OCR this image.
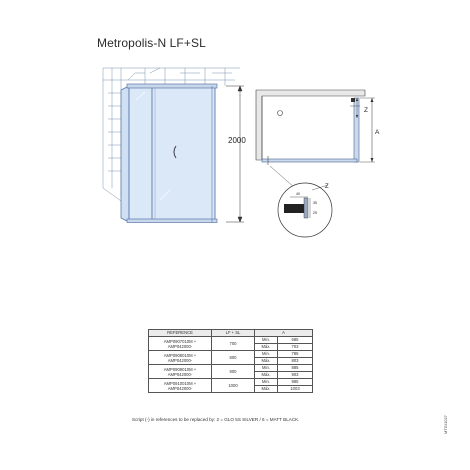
Metropolis-N LF+SL
2000
Z
A
Z
40
35
25
REFERENCE	LF + SL	A	
AMP0907010M +
AMP042000-	700	Min.	685
		Máx.	703
AMP0908010M +
AMP042000-	800	Min.	785
		Máx.	803
AMP0909010M +
AMP042000-	900	Min.	885
		Máx.	903
AMP0910010M +
AMP042000-	1000	Min.	985
		Máx.	1003
Script (-) in references to be replaced by: 2 = GLO 5S SILVER / 6 = MATT BLACK.	MTG/1027
